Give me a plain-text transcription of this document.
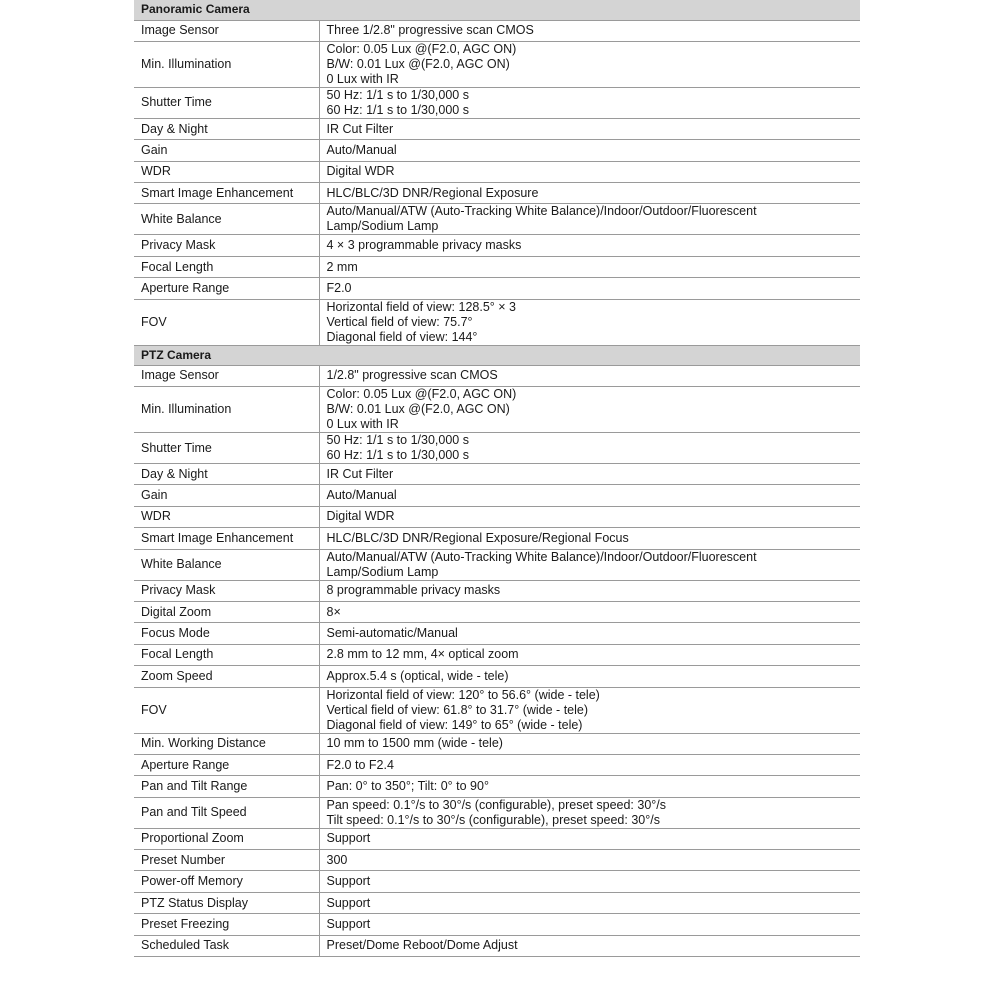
Panoramic Camera	
Image Sensor	Three 1/2.8" progressive scan CMOS

Min. Illumination	Color: 0.05 Lux @(F2.0, AGC ON)
B/W: 0.01 Lux @(F2.0, AGC ON)
0 Lux with IR

Shutter Time	50 Hz: 1/1 s to 1/30,000 s
60 Hz: 1/1 s to 1/30,000 s

Day & Night	IR Cut Filter

Gain	Auto/Manual

WDR	Digital WDR

Smart Image Enhancement	HLC/BLC/3D DNR/Regional Exposure

White Balance	Auto/Manual/ATW (Auto-Tracking White Balance)/Indoor/Outdoor/Fluorescent
Lamp/Sodium Lamp

Privacy Mask	4 × 3 programmable privacy masks

Focal Length	2 mm

Aperture Range	F2.0

FOV	Horizontal field of view: 128.5° × 3
Vertical field of view: 75.7°
Diagonal field of view: 144°

PTZ Camera	
Image Sensor	1/2.8" progressive scan CMOS

Min. Illumination	Color: 0.05 Lux @(F2.0, AGC ON)
B/W: 0.01 Lux @(F2.0, AGC ON)
0 Lux with IR

Shutter Time	50 Hz: 1/1 s to 1/30,000 s
60 Hz: 1/1 s to 1/30,000 s

Day & Night	IR Cut Filter

Gain	Auto/Manual

WDR	Digital WDR

Smart Image Enhancement	HLC/BLC/3D DNR/Regional Exposure/Regional Focus

White Balance	Auto/Manual/ATW (Auto-Tracking White Balance)/Indoor/Outdoor/Fluorescent
Lamp/Sodium Lamp

Privacy Mask	8 programmable privacy masks

Digital Zoom	8×

Focus Mode	Semi-automatic/Manual

Focal Length	2.8 mm to 12 mm, 4× optical zoom

Zoom Speed	Approx.5.4 s (optical, wide - tele)

FOV	Horizontal field of view: 120° to 56.6° (wide - tele)
Vertical field of view: 61.8° to 31.7° (wide - tele)
Diagonal field of view: 149° to 65° (wide - tele)

Min. Working Distance	10 mm to 1500 mm (wide - tele)

Aperture Range	F2.0 to F2.4

Pan and Tilt Range	Pan: 0° to 350°; Tilt: 0° to 90°

Pan and Tilt Speed	Pan speed: 0.1°/s to 30°/s (configurable), preset speed: 30°/s
Tilt speed: 0.1°/s to 30°/s (configurable), preset speed: 30°/s

Proportional Zoom	Support

Preset Number	300

Power-off Memory	Support

PTZ Status Display	Support

Preset Freezing	Support

Scheduled Task	Preset/Dome Reboot/Dome Adjust
